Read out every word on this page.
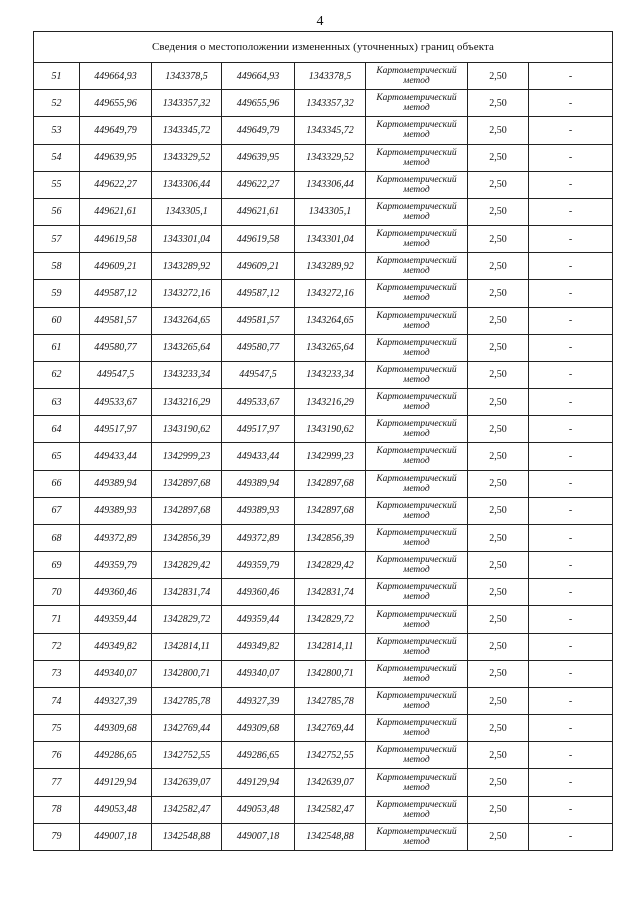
4
Сведения о местоположении измененных (уточненных) границ объекта							
51	449664,93	1343378,5	449664,93	1343378,5	Картометрический метод	2,50	-
52	449655,96	1343357,32	449655,96	1343357,32	Картометрический метод	2,50	-
53	449649,79	1343345,72	449649,79	1343345,72	Картометрический метод	2,50	-
54	449639,95	1343329,52	449639,95	1343329,52	Картометрический метод	2,50	-
55	449622,27	1343306,44	449622,27	1343306,44	Картометрический метод	2,50	-
56	449621,61	1343305,1	449621,61	1343305,1	Картометрический метод	2,50	-
57	449619,58	1343301,04	449619,58	1343301,04	Картометрический метод	2,50	-
58	449609,21	1343289,92	449609,21	1343289,92	Картометрический метод	2,50	-
59	449587,12	1343272,16	449587,12	1343272,16	Картометрический метод	2,50	-
60	449581,57	1343264,65	449581,57	1343264,65	Картометрический метод	2,50	-
61	449580,77	1343265,64	449580,77	1343265,64	Картометрический метод	2,50	-
62	449547,5	1343233,34	449547,5	1343233,34	Картометрический метод	2,50	-
63	449533,67	1343216,29	449533,67	1343216,29	Картометрический метод	2,50	-
64	449517,97	1343190,62	449517,97	1343190,62	Картометрический метод	2,50	-
65	449433,44	1342999,23	449433,44	1342999,23	Картометрический метод	2,50	-
66	449389,94	1342897,68	449389,94	1342897,68	Картометрический метод	2,50	-
67	449389,93	1342897,68	449389,93	1342897,68	Картометрический метод	2,50	-
68	449372,89	1342856,39	449372,89	1342856,39	Картометрический метод	2,50	-
69	449359,79	1342829,42	449359,79	1342829,42	Картометрический метод	2,50	-
70	449360,46	1342831,74	449360,46	1342831,74	Картометрический метод	2,50	-
71	449359,44	1342829,72	449359,44	1342829,72	Картометрический метод	2,50	-
72	449349,82	1342814,11	449349,82	1342814,11	Картометрический метод	2,50	-
73	449340,07	1342800,71	449340,07	1342800,71	Картометрический метод	2,50	-
74	449327,39	1342785,78	449327,39	1342785,78	Картометрический метод	2,50	-
75	449309,68	1342769,44	449309,68	1342769,44	Картометрический метод	2,50	-
76	449286,65	1342752,55	449286,65	1342752,55	Картометрический метод	2,50	-
77	449129,94	1342639,07	449129,94	1342639,07	Картометрический метод	2,50	-
78	449053,48	1342582,47	449053,48	1342582,47	Картометрический метод	2,50	-
79	449007,18	1342548,88	449007,18	1342548,88	Картометрический метод	2,50	-
